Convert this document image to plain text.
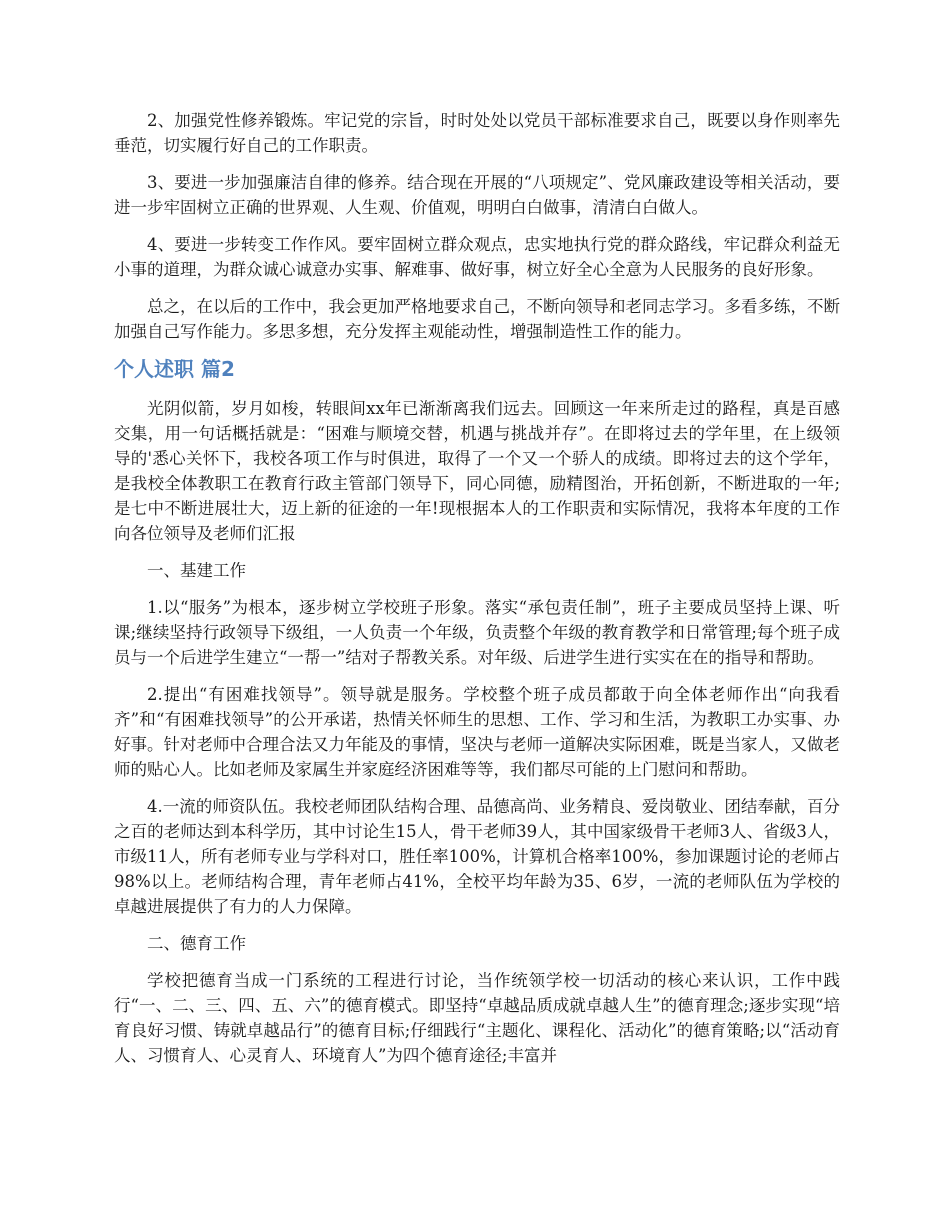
2、加强党性修养锻炼。牢记党的宗旨，时时处处以党员干部标准要求自己，既要以身作则率先垂范，切实履行好自己的工作职责。

3、要进一步加强廉洁自律的修养。结合现在开展的“八项规定”、党风廉政建设等相关活动，要进一步牢固树立正确的世界观、人生观、价值观，明明白白做事，清清白白做人。

4、要进一步转变工作作风。要牢固树立群众观点，忠实地执行党的群众路线，牢记群众利益无小事的道理，为群众诚心诚意办实事、解难事、做好事，树立好全心全意为人民服务的良好形象。

总之，在以后的工作中，我会更加严格地要求自己，不断向领导和老同志学习。多看多练，不断加强自己写作能力。多思多想，充分发挥主观能动性，增强制造性工作的能力。

个人述职 篇2

光阴似箭，岁月如梭，转眼间xx年已渐渐离我们远去。回顾这一年来所走过的路程，真是百感交集，用一句话概括就是：“困难与顺境交替，机遇与挑战并存”。在即将过去的学年里，在上级领导的'悉心关怀下，我校各项工作与时俱进，取得了一个又一个骄人的成绩。即将过去的这个学年，是我校全体教职工在教育行政主管部门领导下，同心同德，励精图治，开拓创新，不断进取的一年;是七中不断进展壮大，迈上新的征途的一年!现根据本人的工作职责和实际情况，我将本年度的工作向各位领导及老师们汇报

一、基建工作

1.以“服务”为根本，逐步树立学校班子形象。落实“承包责任制”，班子主要成员坚持上课、听课;继续坚持行政领导下级组，一人负责一个年级，负责整个年级的教育教学和日常管理;每个班子成员与一个后进学生建立“一帮一”结对子帮教关系。对年级、后进学生进行实实在在的指导和帮助。

2.提出“有困难找领导”。领导就是服务。学校整个班子成员都敢于向全体老师作出“向我看齐”和“有困难找领导”的公开承诺，热情关怀师生的思想、工作、学习和生活，为教职工办实事、办好事。针对老师中合理合法又力年能及的事情，坚决与老师一道解决实际困难，既是当家人，又做老师的贴心人。比如老师及家属生并家庭经济困难等等，我们都尽可能的上门慰问和帮助。

4.一流的师资队伍。我校老师团队结构合理、品德高尚、业务精良、爱岗敬业、团结奉献，百分之百的老师达到本科学历，其中讨论生15人，骨干老师39人，其中国家级骨干老师3人、省级3人，市级11人，所有老师专业与学科对口，胜任率100%，计算机合格率100%，参加课题讨论的老师占98%以上。老师结构合理，青年老师占41%，全校平均年龄为35、6岁，一流的老师队伍为学校的卓越进展提供了有力的人力保障。

二、德育工作

学校把德育当成一门系统的工程进行讨论，当作统领学校一切活动的核心来认识，工作中践行“一、二、三、四、五、六”的德育模式。即坚持“卓越品质成就卓越人生”的德育理念;逐步实现“培育良好习惯、铸就卓越品行”的德育目标;仔细践行“主题化、课程化、活动化”的德育策略;以“活动育人、习惯育人、心灵育人、环境育人”为四个德育途径;丰富并
